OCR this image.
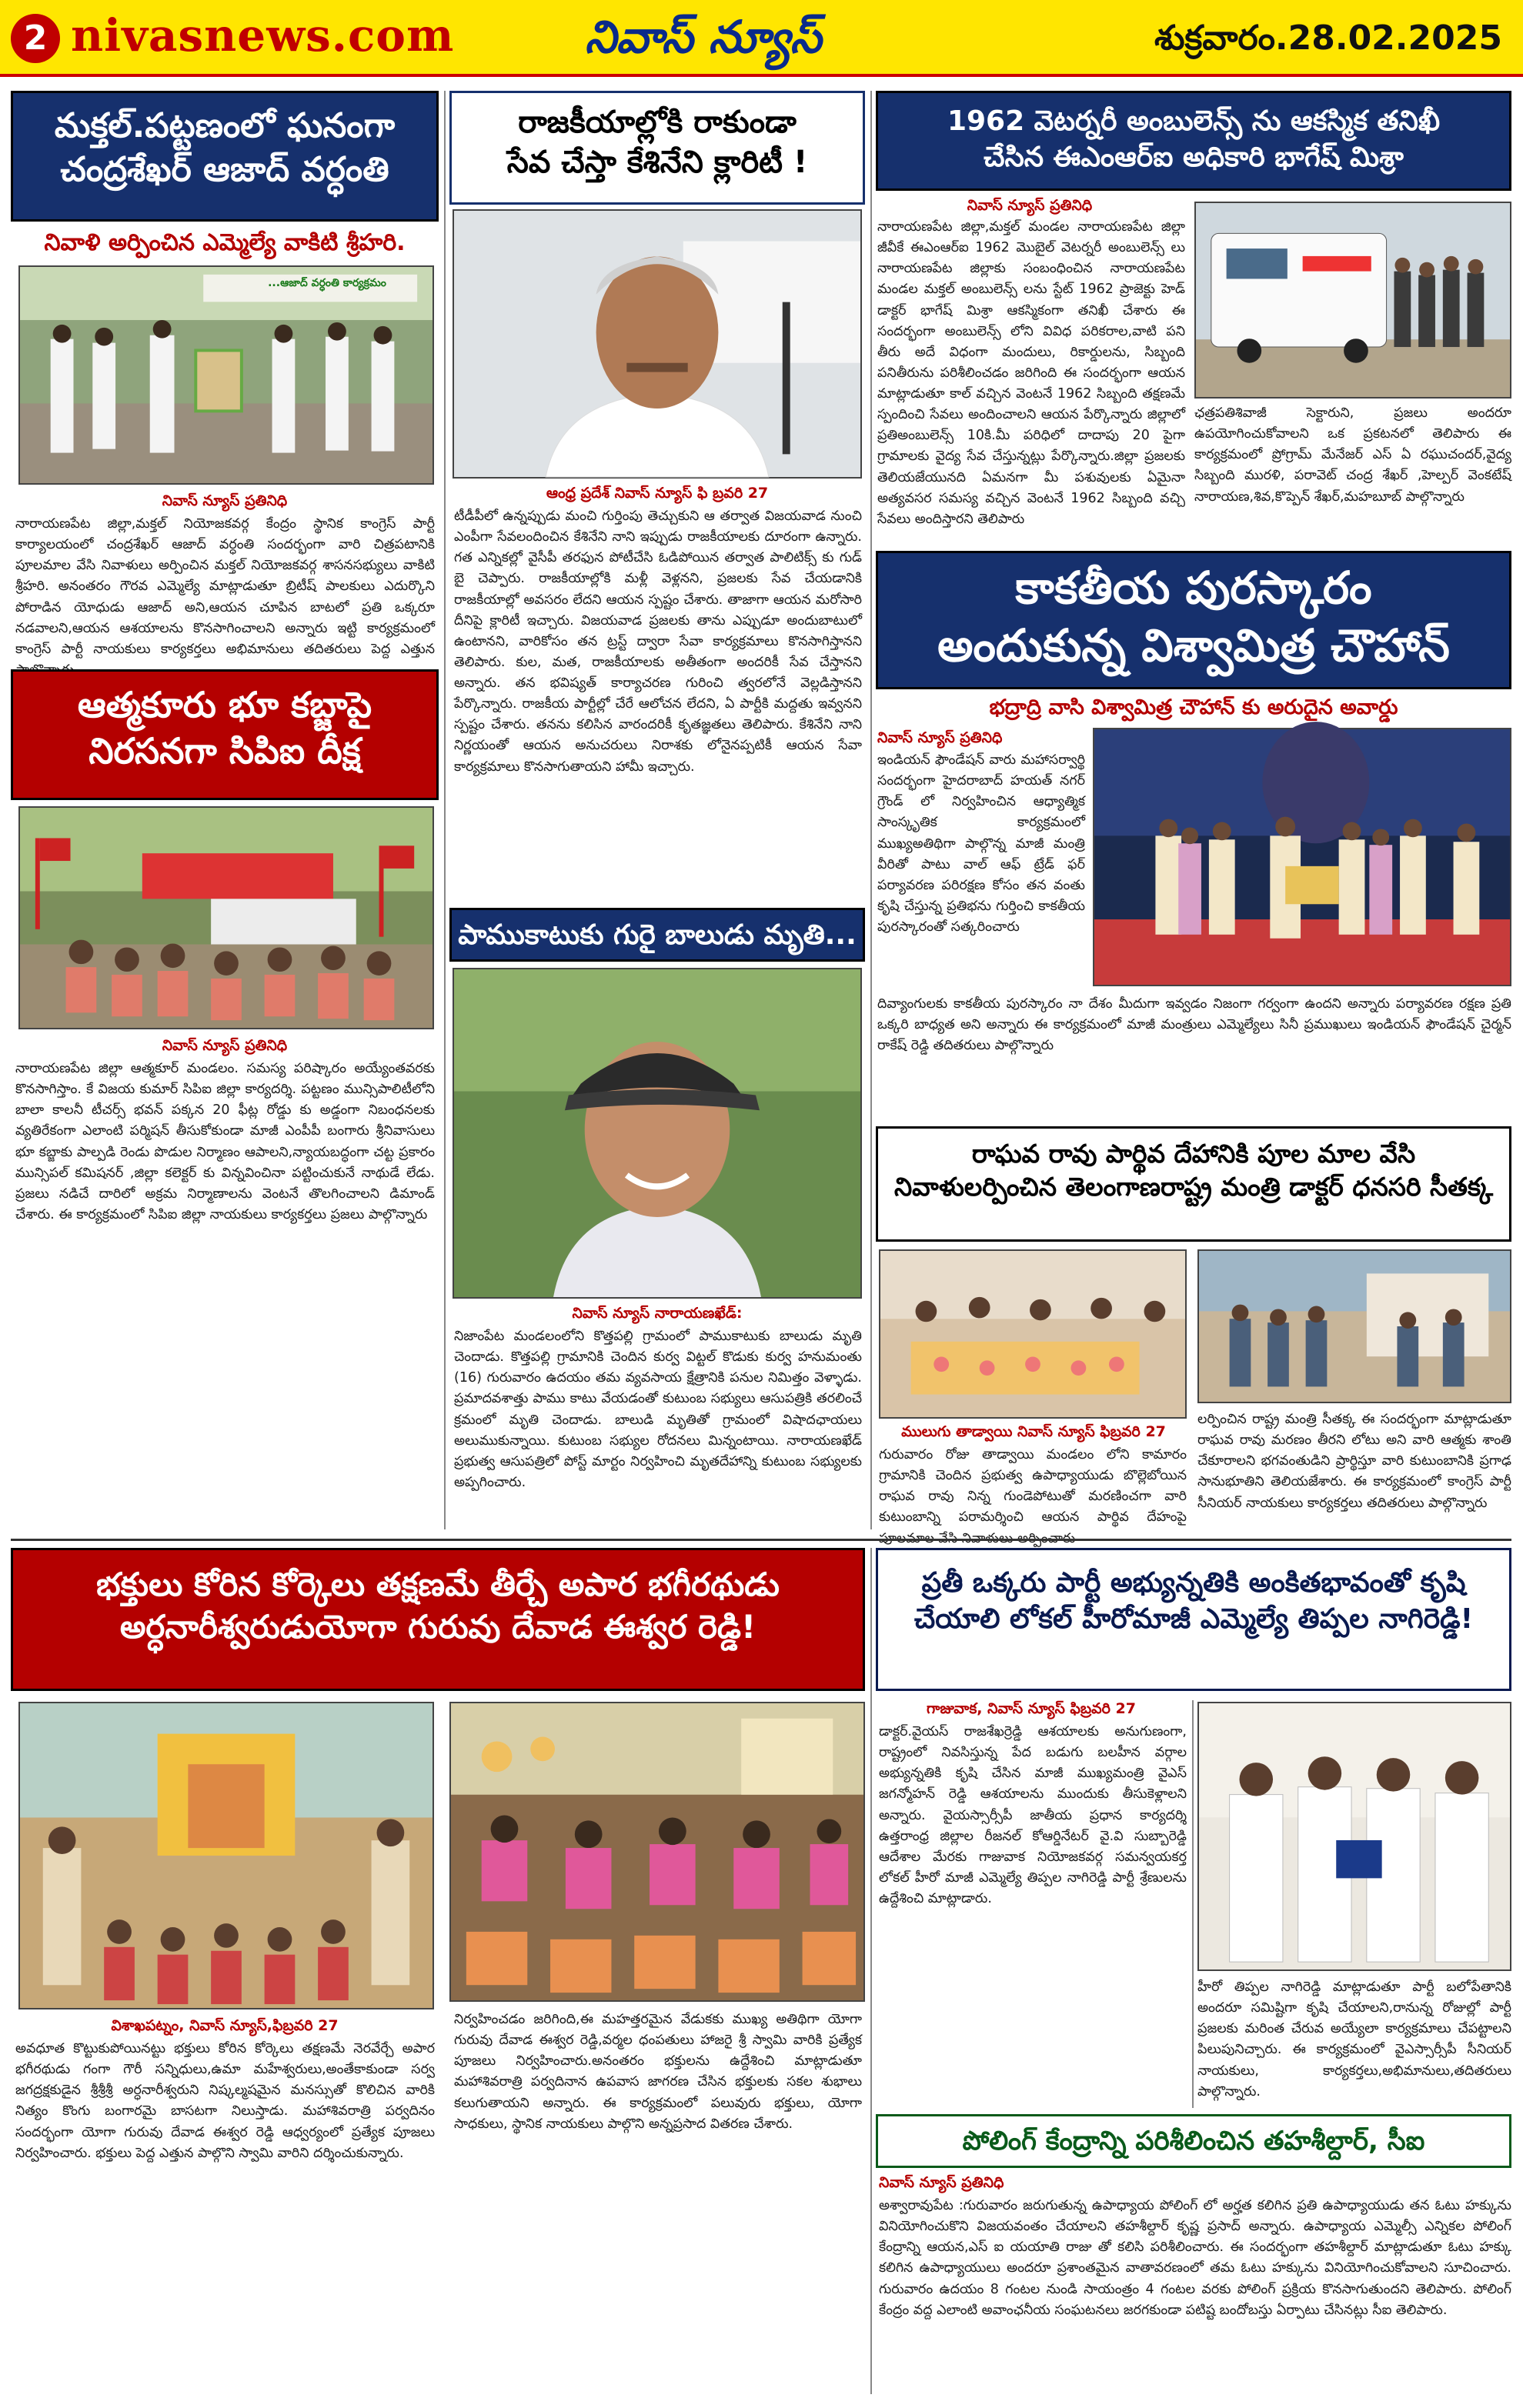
2 nivasnews.com	నివాస్ న్యూస్	శుక్రవారం.28.02.2025
మక్తల్.పట్టణంలో ఘనంగా
చంద్రశేఖర్ ఆజాద్ వర్ధంతి
నివాళి అర్పించిన ఎమ్మెల్యే వాకిటి శ్రీహరి.
...ఆజాద్ వర్ధంతి కార్యక్రమం
నివాస్ న్యూస్ ప్రతినిధి
నారాయణపేట జిల్లా,మక్తల్ నియోజకవర్గ కేంద్రం స్థానిక కాంగ్రెస్ పార్టీ కార్యాలయంలో చంద్రశేఖర్ ఆజాద్ వర్ధంతి సందర్భంగా వారి చిత్రపటానికి పూలమాల వేసి నివాళులు అర్పించిన మక్తల్ నియోజకవర్గ శాసనసభ్యులు వాకిటి శ్రీహరి. అనంతరం గౌరవ ఎమ్మెల్యే మాట్లాడుతూ బ్రిటీష్ పాలకులు ఎదుర్కొని పోరాడిన యోధుడు ఆజాద్ అని,ఆయన చూపిన బాటలో ప్రతి ఒక్కరూ నడవాలని,ఆయన ఆశయాలను కొనసాగించాలని అన్నారు ఇట్టి కార్యక్రమంలో కాంగ్రెస్ పార్టీ నాయకులు కార్యకర్తలు అభిమానులు తదితరులు పెద్ద ఎత్తున
ఆత్మకూరు భూ కబ్జాపై
నిరసనగా సిపిఐ దీక్ష
నివాస్ న్యూస్ ప్రతినిధి
నారాయణపేట జిల్లా ఆత్మకూర్ మండలం. సమస్య పరిష్కారం అయ్యేంతవరకు కొనసాగిస్తాం. కే విజయ కుమార్ సిపిఐ జిల్లా కార్యదర్శి. పట్టణం మున్సిపాలిటీలోని బాలా కాలనీ టీచర్స్ భవన్ పక్కన 20 ఫీట్ల రోడ్డు కు అడ్డంగా నిబంధనలకు వ్యతిరేకంగా ఎలాంటి పర్మిషన్ తీసుకోకుండా మాజీ ఎంపీపీ బంగారు శ్రీనివాసులు భూ కబ్జాకు పాల్పడి రెండు పొడుల నిర్మాణం ఆపాలని,న్యాయబద్ధంగా చట్ట ప్రకారం మున్సిపల్ కమిషనర్ ,జిల్లా కలెక్టర్ కు విన్నవించినా పట్టించుకునే నాథుడే లేడు. ప్రజలు నడిచే దారిలో అక్రమ నిర్మాణాలను వెంటనే తొలగించాలని డిమాండ్ చేశారు. ఈ కార్యక్రమంలో సిపిఐ జిల్లా నాయకులు కార్యకర్తలు ప్రజలు పాల్గొన్నారు
రాజకీయాల్లోకి రాకుండా
సేవ చేస్తా కేశినేని క్లారిటీ !
ఆంధ్ర ప్రదేశ్ నివాస్ న్యూస్ ఫి బ్రవరి 27
టీడీపీలో ఉన్నప్పుడు మంచి గుర్తింపు తెచ్చుకుని ఆ తర్వాత విజయవాడ నుంచి ఎంపీగా సేవలందించిన కేశినేని నాని ఇప్పుడు రాజకీయాలకు దూరంగా ఉన్నారు. గత ఎన్నికల్లో వైసీపీ తరఫున పోటీచేసి ఓడిపోయిన తర్వాత పాలిటిక్స్ కు గుడ్ బై చెప్పారు. రాజకీయాల్లోకి మళ్లీ వెళ్లనని, ప్రజలకు సేవ చేయడానికి రాజకీయాల్లో అవసరం లేదని ఆయన స్పష్టం చేశారు. తాజాగా ఆయన మరోసారి దీనిపై క్లారిటీ ఇచ్చారు. విజయవాడ ప్రజలకు తాను ఎప్పుడూ అందుబాటులో ఉంటానని, వారికోసం తన ట్రస్ట్ ద్వారా సేవా కార్యక్రమాలు కొనసాగిస్తానని తెలిపారు. కుల, మత, రాజకీయాలకు అతీతంగా అందరికీ సేవ చేస్తానని అన్నారు. తన భవిష్యత్ కార్యాచరణ గురించి త్వరలోనే వెల్లడిస్తానని పేర్కొన్నారు. రాజకీయ పార్టీల్లో చేరే ఆలోచన లేదని, ఏ పార్టీకి మద్దతు ఇవ్వనని స్పష్టం చేశారు. తనను కలిసిన వారందరికీ కృతజ్ఞతలు తెలిపారు. కేశినేని నాని నిర్ణయంతో ఆయన అనుచరులు నిరాశకు లోనైనప్పటికీ ఆయన సేవా కార్యక్రమాలు కొనసాగుతాయని హామీ ఇచ్చారు.
పాముకాటుకు గురై బాలుడు మృతి...
నివాస్ న్యూస్ నారాయణఖేడ్:
నిజాంపేట మండలంలోని కొత్తపల్లి గ్రామంలో పాముకాటుకు బాలుడు మృతి చెందాడు. కొత్తపల్లి గ్రామానికి చెందిన కుర్వ విట్టల్ కొడుకు కుర్వ హనుమంతు (16) గురువారం ఉదయం తమ వ్యవసాయ క్షేత్రానికి పనుల నిమిత్తం వెళ్ళాడు. ప్రమాదవశాత్తు పాము కాటు వేయడంతో కుటుంబ సభ్యులు ఆసుపత్రికి తరలించే క్రమంలో మృతి చెందాడు. బాలుడి మృతితో గ్రామంలో విషాదఛాయలు అలుముకున్నాయి. కుటుంబ సభ్యుల రోదనలు మిన్నంటాయి. నారాయణఖేడ్ ప్రభుత్వ ఆసుపత్రిలో పోస్ట్ మార్టం నిర్వహించి మృతదేహాన్ని కుటుంబ సభ్యులకు అప్పగించారు.
1962 వెటర్నరీ అంబులెన్స్ ను ఆకస్మిక తనిఖీ
చేసిన ఈఎంఆర్ఐ అధికారి భాగేష్ మిశ్రా
నివాస్ న్యూస్ ప్రతినిధి
నారాయణపేట జిల్లా,మక్తల్ మండల నారాయణపేట జిల్లా జీవీకే ఈఎంఆర్ఐ 1962 మొబైల్ వెటర్నరీ అంబులెన్స్ లు నారాయణపేట జిల్లాకు సంబంధించిన నారాయణపేట మండల మక్తల్ అంబులెన్స్ లను స్టేట్ 1962 ప్రాజెక్టు హెడ్ డాక్టర్ భాగేష్ మిశ్రా ఆకస్మికంగా తనిఖీ చేశారు ఈ సందర్భంగా అంబులెన్స్ లోని వివిధ పరికరాల,వాటి పని తీరు అదే విధంగా మందులు, రికార్డులను, సిబ్బంది పనితీరును పరిశీలించడం జరిగింది ఈ సందర్భంగా ఆయన మాట్లాడుతూ కాల్ వచ్చిన వెంటనే 1962 సిబ్బంది తక్షణమే స్పందించి సేవలు అందించాలని ఆయన పేర్కొన్నారు జిల్లాలో ప్రతిఅంబులెన్స్ 10కి.మీ పరిధిలో దాదాపు 20 పైగా గ్రామాలకు వైద్య సేవ చేస్తున్నట్లు పేర్కొన్నారు.జిల్లా ప్రజలకు తెలియజేయునది ఏమనగా మీ పశువులకు ఏమైనా అత్యవసర సమస్య వచ్చిన వెంటనే 1962 సిబ్బంది వచ్చి సేవలు అందిస్తారని తెలిపారు
ఛత్రపతిశివాజీ సెక్టారుని, ప్రజలు అందరూ ఉపయోగించుకోవాలని ఒక ప్రకటనలో తెలిపారు ఈ కార్యక్రమంలో ప్రోగ్రామ్ మేనేజర్ ఎస్ ఏ రఘుచందర్,వైద్య సిబ్బంది మురళి, పరావెట్ చంద్ర శేఖర్ ,హెల్పర్ వెంకటేష్ నారాయణ,శివ,కొప్పెన్ శేఖర్,మహబూబ్ పాల్గొన్నారు
కాకతీయ పురస్కారం
అందుకున్న విశ్వామిత్ర చౌహాన్
భద్రాద్రి వాసి విశ్వామిత్ర చౌహాన్ కు అరుదైన అవార్డు
నివాస్ న్యూస్ ప్రతినిధి
ఇండియన్ ఫౌండేషన్ వారు మహాసర్వార్థి సందర్భంగా హైదరాబాద్ హయత్ నగర్ గ్రౌండ్ లో నిర్వహించిన ఆధ్యాత్మిక సాంస్కృతిక కార్యక్రమంలో ముఖ్యఅతిథిగా పాల్గొన్న మాజీ మంత్రి వీరితో పాటు వాల్ ఆఫ్ ట్రేడ్ ఫర్ పర్యావరణ పరిరక్షణ కోసం తన వంతు కృషి చేస్తున్న ప్రతిభను గుర్తించి కాకతీయ పురస్కారంతో సత్కరించారు
దివ్యాంగులకు కాకతీయ పురస్కారం నా దేశం మీదుగా ఇవ్వడం నిజంగా గర్వంగా ఉందని అన్నారు పర్యావరణ రక్షణ ప్రతి ఒక్కరి బాధ్యత అని అన్నారు ఈ కార్యక్రమంలో మాజీ మంత్రులు ఎమ్మెల్యేలు సినీ ప్రముఖులు ఇండియన్ ఫౌండేషన్ చైర్మన్ రాకేష్ రెడ్డి తదితరులు పాల్గొన్నారు
రాఘవ రావు పార్థివ దేహానికి పూల మాల వేసి
నివాళులర్పించిన తెలంగాణరాష్ట్ర మంత్రి డాక్టర్ ధనసరి సీతక్క
ములుగు తాడ్వాయి నివాస్ న్యూస్ ఫిబ్రవరి 27
గురువారం రోజు తాడ్వాయి మండలం లోని కామారం గ్రామానికి చెందిన ప్రభుత్వ ఉపాధ్యాయుడు బొల్లెబోయిన రాఘవ రావు నిన్న గుండెపోటుతో మరణించగా వారి కుటుంబాన్ని పరామర్శించి ఆయన పార్థివ దేహంపై
లర్పించిన రాష్ట్ర మంత్రి సీతక్క ఈ సందర్భంగా మాట్లాడుతూ రాఘవ రావు మరణం తీరని లోటు అని వారి ఆత్మకు శాంతి చేకూరాలని భగవంతుడిని ప్రార్థిస్తూ వారి కుటుంబానికి ప్రగాఢ సానుభూతిని తెలియజేశారు. ఈ కార్యక్రమంలో కాంగ్రెస్ పార్టీ సీనియర్ నాయకులు కార్యకర్తలు తదితరులు పాల్గొన్నారు
భక్తులు కోరిన కోర్కెలు తక్షణమే తీర్చే అపార భగీరథుడు
అర్ధనారీశ్వరుడుయోగా గురువు దేవాడ ఈశ్వర రెడ్డి!
విశాఖపట్నం, నివాస్ న్యూస్,ఫిబ్రవరి 27
అవధూత కొట్టుకుపోయినట్టు భక్తులు కోరిన కోర్కెలు తక్షణమే నెరవేర్చే అపార భగీరథుడు గంగా గౌరీ సన్నిధులు,ఉమా మహేశ్వరులు,అంతేకాకుండా సర్వ జగద్రక్షకుడైన శ్రీశ్రీశ్రీ అర్ధనారీశ్వరుని నిష్కల్మషమైన మనస్సుతో కొలిచిన వారికి నిత్యం కొంగు బంగారమై బాసటగా నిలుస్తాడు. మహాశివరాత్రి పర్వదినం సందర్భంగా యోగా గురువు దేవాడ ఈశ్వర రెడ్డి ఆధ్వర్యంలో ప్రత్యేక పూజలు నిర్వహించారు. భక్తులు పెద్ద ఎత్తున పాల్గొని స్వామి వారిని దర్శించుకున్నారు.
నిర్వహించడం జరిగింది,ఈ మహత్తరమైన వేడుకకు ముఖ్య అతిథిగా యోగా గురువు దేవాడ ఈశ్వర రెడ్డి,వర్మల ధంపతులు హాజరై శ్రీ స్వామి వారికి ప్రత్యేక పూజలు నిర్వహించారు.అనంతరం భక్తులను ఉద్దేశించి మాట్లాడుతూ మహాశివరాత్రి పర్వదినాన ఉపవాస జాగరణ చేసిన భక్తులకు సకల శుభాలు కలుగుతాయని అన్నారు. ఈ కార్యక్రమంలో పలువురు భక్తులు, యోగా సాధకులు, స్థానిక నాయకులు పాల్గొని అన్నప్రసాద వితరణ చేశారు.
ప్రతీ ఒక్కరు పార్టీ అభ్యున్నతికి అంకితభావంతో కృషి
చేయాలి లోకల్ హీరోమాజీ ఎమ్మెల్యే తిప్పల నాగిరెడ్డి!
గాజువాక, నివాస్ న్యూస్ ఫిబ్రవరి 27
డాక్టర్.వైయస్ రాజశేఖర్రెడ్డి ఆశయాలకు అనుగుణంగా, రాష్ట్రంలో నివసిస్తున్న పేద బడుగు బలహీన వర్గాల అభ్యున్నతికి కృషి చేసిన మాజీ ముఖ్యమంత్రి వైఎస్ జగన్మోహన్ రెడ్డి ఆశయాలను ముందుకు తీసుకెళ్లాలని అన్నారు. వైయస్సార్సీపీ జాతీయ ప్రధాన కార్యదర్శి ఉత్తరాంధ్ర జిల్లాల రీజనల్ కోఆర్డినేటర్ వై.వి సుబ్బారెడ్డి ఆదేశాల మేరకు గాజువాక నియోజకవర్గ సమన్వయకర్త లోకల్ హీరో మాజీ ఎమ్మెల్యే తిప్పల నాగిరెడ్డి పార్టీ శ్రేణులను ఉద్దేశించి మాట్లాడారు.
హీరో తిప్పల నాగిరెడ్డి మాట్లాడుతూ పార్టీ బలోపేతానికి అందరూ సమిష్టిగా కృషి చేయాలని,రానున్న రోజుల్లో పార్టీ ప్రజలకు మరింత చేరువ అయ్యేలా కార్యక్రమాలు చేపట్టాలని పిలుపునిచ్చారు. ఈ కార్యక్రమంలో వైఎస్సార్సీపీ సీనియర్ నాయకులు, కార్యకర్తలు,అభిమానులు,తదితరులు పాల్గొన్నారు.
పోలింగ్ కేంద్రాన్ని పరిశీలించిన తహశీల్దార్, సీఐ
నివాస్ న్యూస్ ప్రతినిధి
అశ్వారావుపేట :గురువారం జరుగుతున్న ఉపాధ్యాయ పోలింగ్ లో అర్హత కలిగిన ప్రతి ఉపాధ్యాయుడు తన ఓటు హక్కును వినియోగించుకొని విజయవంతం చేయాలని తహశీల్దార్ కృష్ణ ప్రసాద్ అన్నారు. ఉపాధ్యాయ ఎమ్మెల్సీ ఎన్నికల పోలింగ్ కేంద్రాన్ని ఆయన,ఎస్ ఐ యయాతి రాజు తో కలిసి పరిశీలించారు. ఈ సందర్భంగా తహశీల్దార్ మాట్లాడుతూ ఓటు హక్కు కలిగిన ఉపాధ్యాయులు అందరూ ప్రశాంతమైన వాతావరణంలో తమ ఓటు హక్కును వినియోగించుకోవాలని సూచించారు. గురువారం ఉదయం 8 గంటల నుండి సాయంత్రం 4 గంటల వరకు పోలింగ్ ప్రక్రియ కొనసాగుతుందని తెలిపారు. పోలింగ్ కేంద్రం వద్ద ఎలాంటి అవాంఛనీయ సంఘటనలు జరగకుండా పటిష్ట బందోబస్తు ఏర్పాటు చేసినట్లు సీఐ తెలిపారు.
